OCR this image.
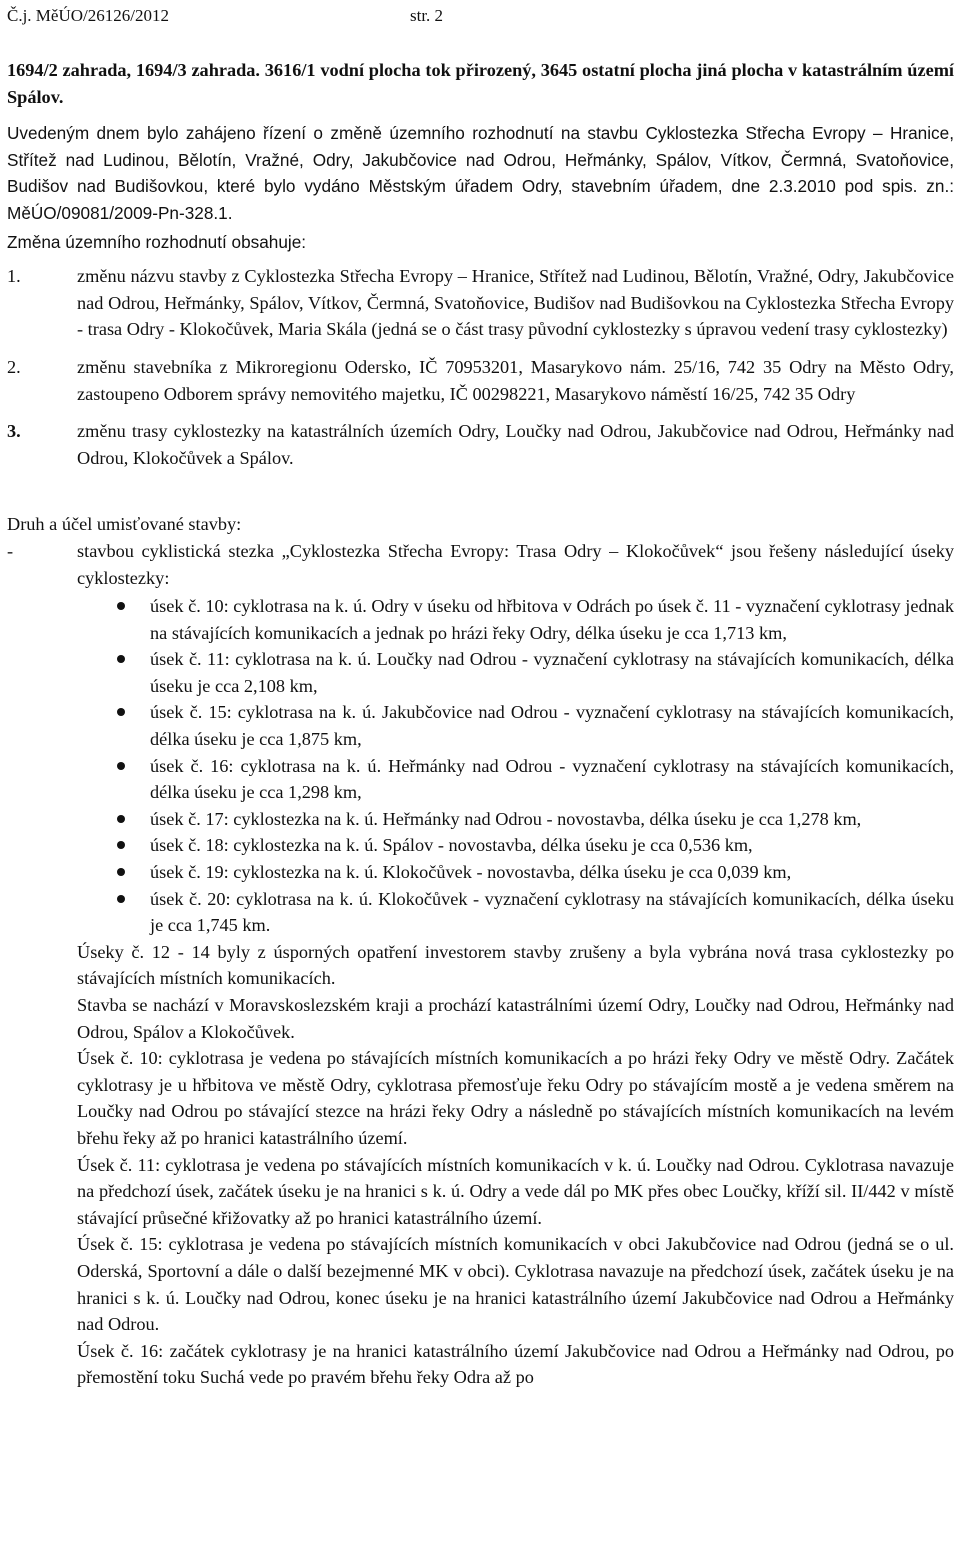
Č.j. MěÚO/26126/2012	str. 2

1694/2 zahrada, 1694/3 zahrada. 3616/1 vodní plocha tok přirozený, 3645 ostatní plocha jiná plocha v katastrálním území Spálov.

Uvedeným dnem bylo zahájeno řízení o změně územního rozhodnutí na stavbu Cyklostezka Střecha Evropy – Hranice, Střítež nad Ludinou, Bělotín, Vražné, Odry, Jakubčovice nad Odrou, Heřmánky, Spálov, Vítkov, Čermná, Svatoňovice, Budišov nad Budišovkou, které bylo vydáno Městským úřadem Odry, stavebním úřadem, dne 2.3.2010 pod spis. zn.: MěÚO/09081/2009-Pn-328.1.

Změna územního rozhodnutí obsahuje:

1.	změnu názvu stavby z Cyklostezka Střecha Evropy – Hranice, Střítež nad Ludinou, Bělotín, Vražné, Odry, Jakubčovice nad Odrou, Heřmánky, Spálov, Vítkov, Čermná, Svatoňovice, Budišov nad Budišovkou na Cyklostezka Střecha Evropy - trasa Odry - Klokočůvek, Maria Skála (jedná se o část trasy původní cyklostezky s úpravou vedení trasy cyklostezky)
2.	změnu stavebníka z Mikroregionu Odersko, IČ 70953201, Masarykovo nám. 25/16, 742 35 Odry na Město Odry, zastoupeno Odborem správy nemovitého majetku, IČ 00298221, Masarykovo náměstí 16/25, 742 35 Odry
3.	změnu trasy cyklostezky na katastrálních územích Odry, Loučky nad Odrou, Jakubčovice nad Odrou, Heřmánky nad Odrou, Klokočůvek a Spálov.

Druh a účel umisťované stavby:

-	stavbou cyklistická stezka „Cyklostezka Střecha Evropy: Trasa Odry – Klokočůvek“ jsou řešeny následující úseky cyklostezky:
úsek č. 10: cyklotrasa na k. ú. Odry v úseku od hřbitova v Odrách po úsek č. 11 - vyznačení cyklotrasy jednak na stávajících komunikacích a jednak po hrázi řeky Odry, délka úseku je cca 1,713 km,
úsek č. 11: cyklotrasa na k. ú. Loučky nad Odrou - vyznačení cyklotrasy na stávajících komunikacích, délka úseku je cca 2,108 km,
úsek č. 15: cyklotrasa na k. ú. Jakubčovice nad Odrou - vyznačení cyklotrasy na stávajících komunikacích, délka úseku je cca 1,875 km,
úsek č. 16: cyklotrasa na k. ú. Heřmánky nad Odrou - vyznačení cyklotrasy na stávajících komunikacích, délka úseku je cca 1,298 km,
úsek č. 17: cyklostezka na k. ú. Heřmánky nad Odrou - novostavba, délka úseku je cca 1,278 km,
úsek č. 18: cyklostezka na k. ú. Spálov - novostavba, délka úseku je cca 0,536 km,
úsek č. 19: cyklostezka na k. ú. Klokočůvek - novostavba, délka úseku je cca 0,039 km,
úsek č. 20: cyklotrasa na k. ú. Klokočůvek - vyznačení cyklotrasy na stávajících komunikacích, délka úseku je cca 1,745 km.

Úseky č. 12 - 14 byly z úsporných opatření investorem stavby zrušeny a byla vybrána nová trasa cyklostezky po stávajících místních komunikacích.

Stavba se nachází v Moravskoslezském kraji a prochází katastrálními území Odry, Loučky nad Odrou, Heřmánky nad Odrou, Spálov a Klokočůvek.

Úsek č. 10: cyklotrasa je vedena po stávajících místních komunikacích a po hrázi řeky Odry ve městě Odry. Začátek cyklotrasy je u hřbitova ve městě Odry, cyklotrasa přemosťuje řeku Odry po stávajícím mostě a je vedena směrem na Loučky nad Odrou po stávající stezce na hrázi řeky Odry a následně po stávajících místních komunikacích na levém břehu řeky až po hranici katastrálního území.

Úsek č. 11: cyklotrasa je vedena po stávajících místních komunikacích v k. ú. Loučky nad Odrou. Cyklotrasa navazuje na předchozí úsek, začátek úseku je na hranici s k. ú. Odry a vede dál po MK přes obec Loučky, kříží sil. II/442 v místě stávající průsečné křižovatky až po hranici katastrálního území.

Úsek č. 15: cyklotrasa je vedena po stávajících místních komunikacích v obci Jakubčovice nad Odrou (jedná se o ul. Oderská, Sportovní a dále o další bezejmenné MK v obci). Cyklotrasa navazuje na předchozí úsek, začátek úseku je na hranici s k. ú. Loučky nad Odrou, konec úseku je na hranici katastrálního území Jakubčovice nad Odrou a Heřmánky nad Odrou.

Úsek č. 16: začátek cyklotrasy je na hranici katastrálního území Jakubčovice nad Odrou a Heřmánky nad Odrou, po přemostění toku Suchá vede po pravém břehu řeky Odra až po
